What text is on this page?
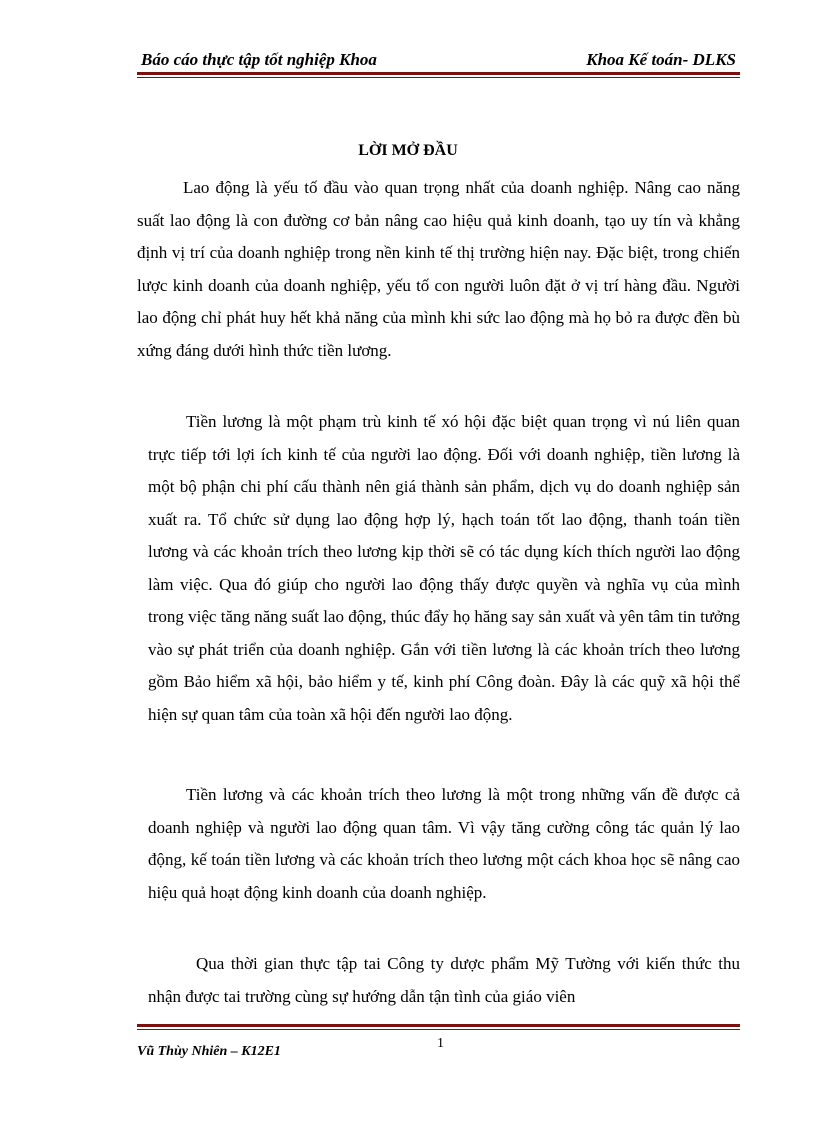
Báo cáo thực tập tốt nghiệp Khoa	Khoa Kế toán- DLKS
LỜI MỞ ĐẦU
Lao động là yếu tố đầu vào quan trọng nhất của doanh nghiệp. Nâng cao năng suất lao động là con đường cơ bản nâng cao hiệu quả kinh doanh, tạo uy tín và khẳng định vị trí của doanh nghiệp trong nền kinh tế thị trường hiện nay. Đặc biệt, trong chiến lược kinh doanh của doanh nghiệp, yếu tố con người luôn đặt ở vị trí hàng đầu. Người lao động chỉ phát huy hết khả năng của mình khi sức lao động mà họ bỏ ra được đền bù xứng đáng dưới hình thức tiền lương.
Tiền lương là một phạm trù kinh tế xó hội đặc biệt quan trọng vì nú liên quan trực tiếp tới lợi ích kinh tế của người lao động. Đối với doanh nghiệp, tiền lương là một bộ phận chi phí cấu thành nên giá thành sản phẩm, dịch vụ do doanh nghiệp sản xuất ra. Tổ chức sử dụng lao động hợp lý, hạch toán tốt lao động, thanh toán tiền lương và các khoản trích theo lương kịp thời sẽ có tác dụng kích thích người lao động làm việc. Qua đó giúp cho người lao động thấy được quyền và nghĩa vụ của mình trong việc tăng năng suất lao động, thúc đẩy họ hăng say sản xuất và yên tâm tin tưởng vào sự phát triển của doanh nghiệp. Gắn với tiền lương là các khoản trích theo lương gồm Bảo hiểm xã hội, bảo hiểm y tế, kinh phí Công đoàn. Đây là các quỹ xã hội thể hiện sự quan tâm của toàn xã hội đến người lao động.
Tiền lương và các khoản trích theo lương là một trong những vấn đề được cả doanh nghiệp và người lao động quan tâm. Vì vậy tăng cường công tác quản lý lao động, kế toán tiền lương và các khoản trích theo lương một cách khoa học sẽ nâng cao hiệu quả hoạt động kinh doanh của doanh nghiệp.
Qua thời gian thực tập tai Công ty dược phẩm Mỹ Tường với kiến thức thu nhận được tai trường cùng sự hướng dẫn tận tình của giáo viên
1
Vũ Thùy Nhiên – K12E1
